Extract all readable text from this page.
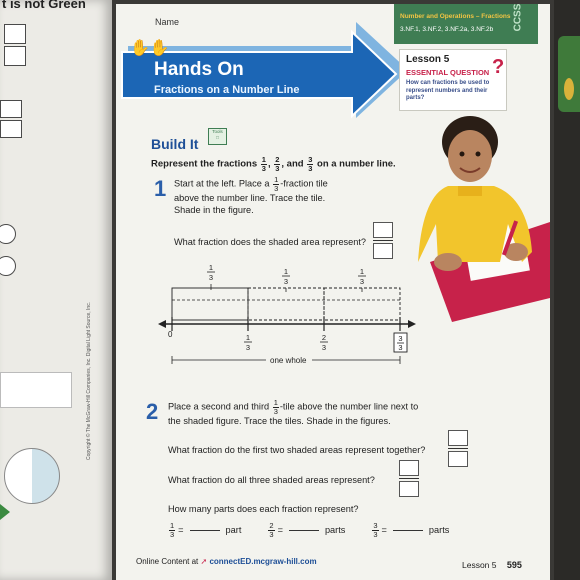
t is not Green
Copyright © The McGraw-Hill Companies, Inc. Digital Light Source, Inc.
Name
Number and Operations – Fractions
3.NF.1, 3.NF.2, 3.NF.2a, 3.NF.2b CCSS
✋✋
Hands On
Fractions on a Number Line
Lesson 5
ESSENTIAL QUESTION
How can fractions be used to represent numbers and their parts?
?
Build It
Tools
□
Represent the fractions $\frac{1}{3}$ , $\frac{2}{3}$ , and $\frac{3}{3}$ on a number line.
1 Start at the left. Place a $\frac{1}{3}$ -fraction tile
above the number line. Trace the tile.
Shade in the figure.
What fraction does the shaded area represent?
1
3
1
3
1
3
1
3
2
3
3
3
0
one whole
2 Place a second and third $\frac{1}{3}$ -tile above the number line next to
the shaded figure. Trace the tiles. Shade in the figures.
What fraction do the first two shaded areas represent together?
What fraction do all three shaded areas represent?
How many parts does each fraction represent?
$\frac{1}{3}$ =	part	$\frac{2}{3}$ =	parts	$\frac{3}{3}$ =	parts
Online Content at ➚ connectED.mcgraw-hill.com	Lesson 5 595
